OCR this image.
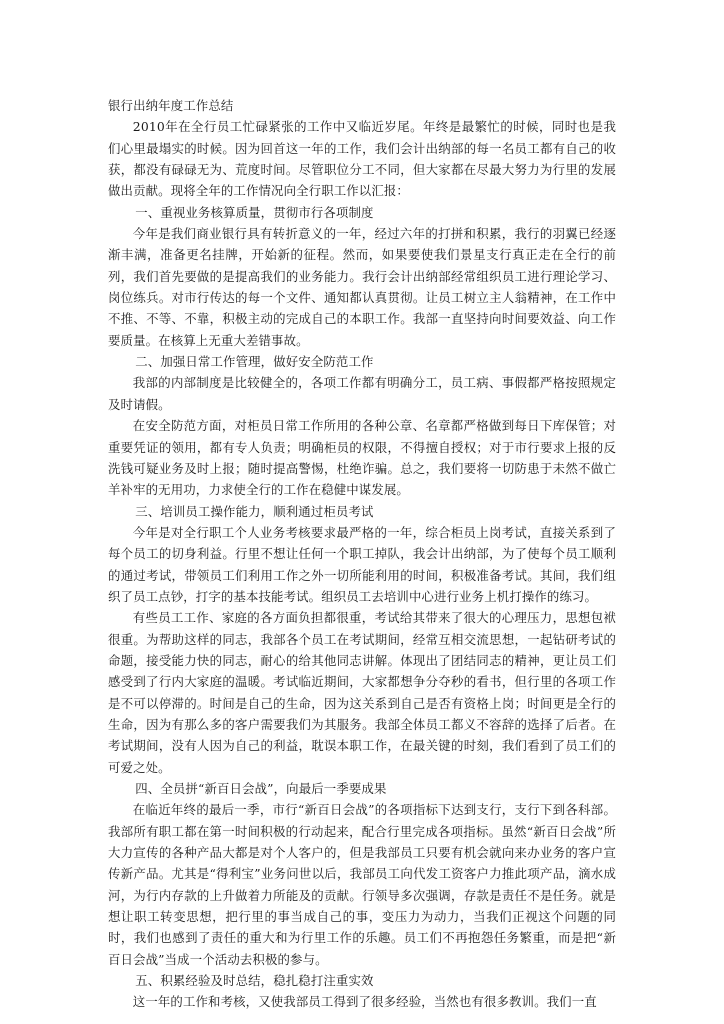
银行出纳年度工作总结

2010年在全行员工忙碌紧张的工作中又临近岁尾。年终是最繁忙的时候，同时也是我们心里最塌实的时候。因为回首这一年的工作，我们会计出纳部的每一名员工都有自己的收获，都没有碌碌无为、荒度时间。尽管职位分工不同，但大家都在尽最大努力为行里的发展做出贡献。现将全年的工作情况向全行职工作以汇报：

一、重视业务核算质量，贯彻市行各项制度

今年是我们商业银行具有转折意义的一年，经过六年的打拼和积累，我行的羽翼已经逐渐丰满，准备更名挂牌，开始新的征程。然而，如果要使我们景星支行真正走在全行的前列，我们首先要做的是提高我们的业务能力。我行会计出纳部经常组织员工进行理论学习、岗位练兵。对市行传达的每一个文件、通知都认真贯彻。让员工树立主人翁精神，在工作中不推、不等、不靠，积极主动的完成自己的本职工作。我部一直坚持向时间要效益、向工作要质量。在核算上无重大差错事故。

二、加强日常工作管理，做好安全防范工作

我部的内部制度是比较健全的，各项工作都有明确分工，员工病、事假都严格按照规定及时请假。

在安全防范方面，对柜员日常工作所用的各种公章、名章都严格做到每日下库保管；对重要凭证的领用，都有专人负责；明确柜员的权限，不得擅自授权；对于市行要求上报的反洗钱可疑业务及时上报；随时提高警惕，杜绝诈骗。总之，我们要将一切防患于未然不做亡羊补牢的无用功，力求使全行的工作在稳健中谋发展。

三、培训员工操作能力，顺利通过柜员考试

今年是对全行职工个人业务考核要求最严格的一年，综合柜员上岗考试，直接关系到了每个员工的切身利益。行里不想让任何一个职工掉队，我会计出纳部，为了使每个员工顺利的通过考试，带领员工们利用工作之外一切所能利用的时间，积极准备考试。其间，我们组织了员工点钞，打字的基本技能考试。组织员工去培训中心进行业务上机打操作的练习。

有些员工工作、家庭的各方面负担都很重，考试给其带来了很大的心理压力，思想包袱很重。为帮助这样的同志，我部各个员工在考试期间，经常互相交流思想，一起钻研考试的命题，接受能力快的同志，耐心的给其他同志讲解。体现出了团结同志的精神，更让员工们感受到了行内大家庭的温暖。考试临近期间，大家都想争分夺秒的看书，但行里的各项工作是不可以停滞的。时间是自己的生命，因为这关系到自己是否有资格上岗；时间更是全行的生命，因为有那么多的客户需要我们为其服务。我部全体员工都义不容辞的选择了后者。在考试期间，没有人因为自己的利益，耽误本职工作，在最关键的时刻，我们看到了员工们的可爱之处。

四、全员拼“新百日会战”，向最后一季要成果

在临近年终的最后一季，市行“新百日会战”的各项指标下达到支行，支行下到各科部。我部所有职工都在第一时间积极的行动起来，配合行里完成各项指标。虽然“新百日会战”所大力宣传的各种产品大都是对个人客户的，但是我部员工只要有机会就向来办业务的客户宣传新产品。尤其是“得利宝”业务问世以后，我部员工向代发工资客户力推此项产品，滴水成河，为行内存款的上升做着力所能及的贡献。行领导多次强调，存款是责任不是任务。就是想让职工转变思想，把行里的事当成自己的事，变压力为动力，当我们正视这个问题的同时，我们也感到了责任的重大和为行里工作的乐趣。员工们不再抱怨任务繁重，而是把“新百日会战”当成一个活动去积极的参与。

五、积累经验及时总结，稳扎稳打注重实效

这一年的工作和考核，又使我部员工得到了很多经验，当然也有很多教训。我们一直
